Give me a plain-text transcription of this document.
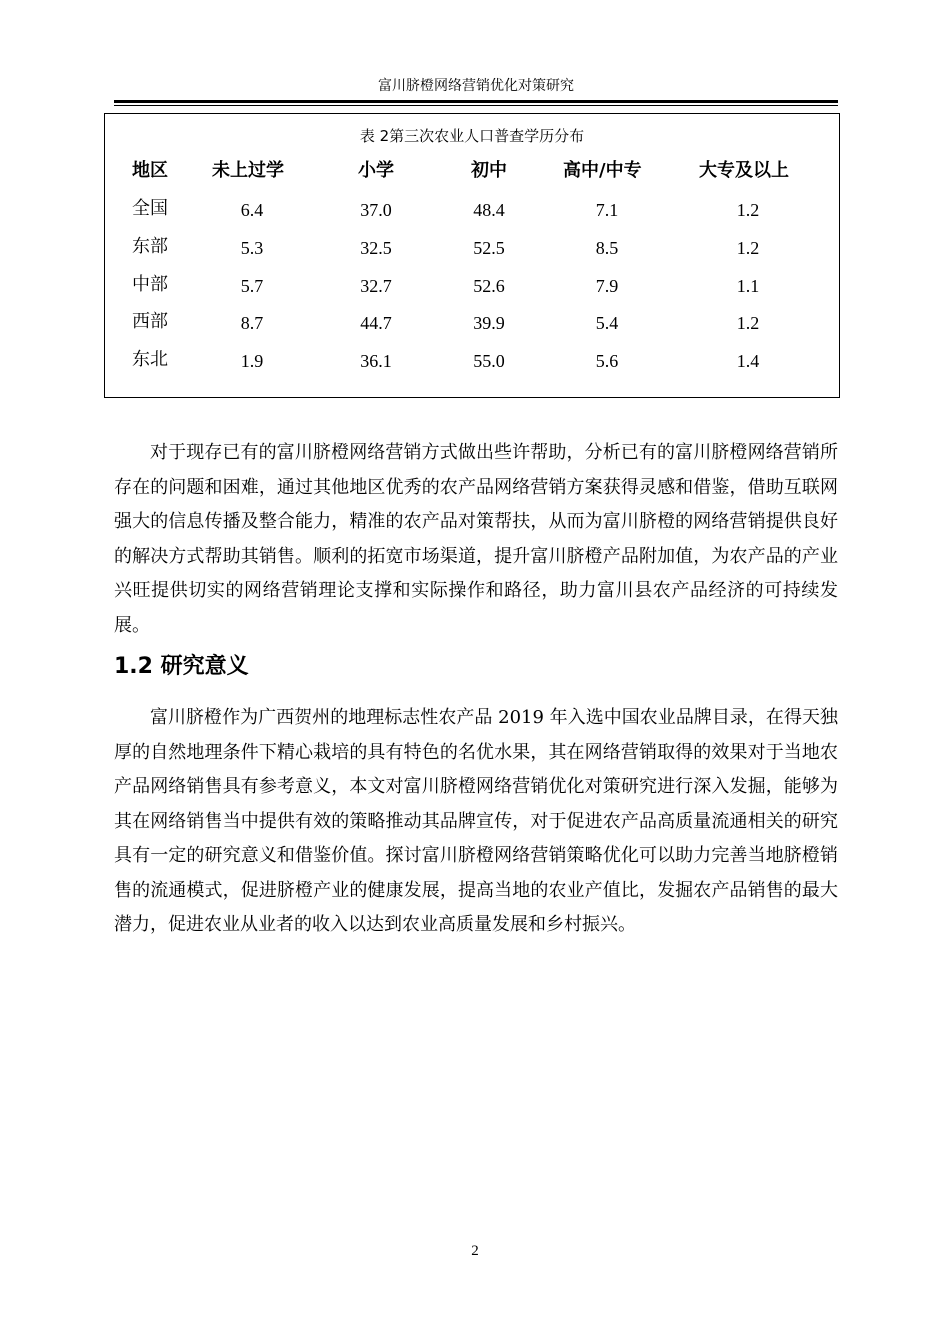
富川脐橙网络营销优化对策研究
表 2第三次农业人口普查学历分布
地区 未上过学	小学	初中	高中/中专	大专及以上
全国	6.4	37.0	48.4	7.1	1.2
东部	5.3	32.5	52.5	8.5	1.2
中部	5.7	32.7	52.6	7.9	1.1
西部	8.7	44.7	39.9	5.4	1.2
东北	1.9	36.1	55.0	5.6	1.4

对于现存已有的富川脐橙网络营销方式做出些许帮助，分析已有的富川脐橙网络营销所存在的问题和困难，通过其他地区优秀的农产品网络营销方案获得灵感和借鉴，借助互联网强大的信息传播及整合能力，精准的农产品对策帮扶，从而为富川脐橙的网络营销提供良好的解决方式帮助其销售。顺利的拓宽市场渠道，提升富川脐橙产品附加值，为农产品的产业兴旺提供切实的网络营销理论支撑和实际操作和路径，助力富川县农产品经济的可持续发展。

1.2 研究意义

富川脐橙作为广西贺州的地理标志性农产品 2019 年入选中国农业品牌目录，在得天独厚的自然地理条件下精心栽培的具有特色的名优水果，其在网络营销取得的效果对于当地农产品网络销售具有参考意义，本文对富川脐橙网络营销优化对策研究进行深入发掘，能够为其在网络销售当中提供有效的策略推动其品牌宣传，对于促进农产品高质量流通相关的研究具有一定的研究意义和借鉴价值。探讨富川脐橙网络营销策略优化可以助力完善当地脐橙销售的流通模式，促进脐橙产业的健康发展，提高当地的农业产值比，发掘农产品销售的最大潜力，促进农业从业者的收入以达到农业高质量发展和乡村振兴。

2
